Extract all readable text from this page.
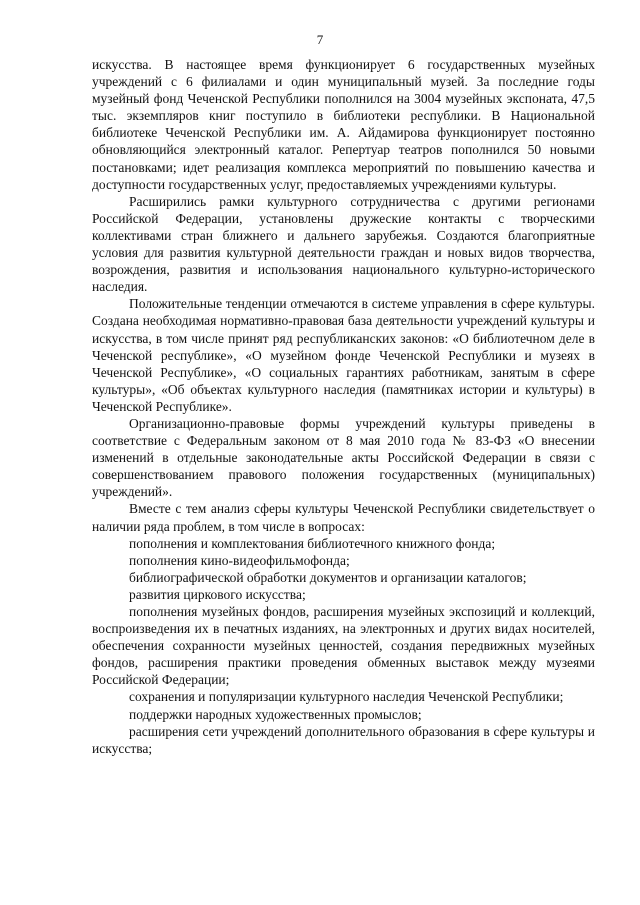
7

искусства. В настоящее время функционирует 6 государственных музейных учреждений с 6 филиалами и один муниципальный музей. За последние годы музейный фонд Чеченской Республики пополнился на 3004 музейных экспоната, 47,5 тыс. экземпляров книг поступило в библиотеки республики. В Национальной библиотеке Чеченской Республики им. А. Айдамирова функционирует постоянно обновляющийся электронный каталог. Репертуар театров пополнился 50 новыми постановками; идет реализация комплекса мероприятий по повышению качества и доступности государственных услуг, предоставляемых учреждениями культуры.

Расширились рамки культурного сотрудничества с другими регионами Российской Федерации, установлены дружеские контакты с творческими коллективами стран ближнего и дальнего зарубежья. Создаются благоприятные условия для развития культурной деятельности граждан и новых видов творчества, возрождения, развития и использования национального культурно-исторического наследия.

Положительные тенденции отмечаются в системе управления в сфере культуры. Создана необходимая нормативно-правовая база деятельности учреждений культуры и искусства, в том числе принят ряд республиканских законов: «О библиотечном деле в Чеченской республике», «О музейном фонде Чеченской Республики и музеях в Чеченской Республике», «О социальных гарантиях работникам, занятым в сфере культуры», «Об объектах культурного наследия (памятниках истории и культуры) в Чеченской Республике».

Организационно-правовые формы учреждений культуры приведены в соответствие с Федеральным законом от 8 мая 2010 года № 83-ФЗ «О внесении изменений в отдельные законодательные акты Российской Федерации в связи с совершенствованием правового положения государственных (муниципальных) учреждений».

Вместе с тем анализ сферы культуры Чеченской Республики свидетельствует о наличии ряда проблем, в том числе в вопросах:

пополнения и комплектования библиотечного книжного фонда;

пополнения кино-видеофильмофонда;

библиографической обработки документов и организации каталогов;

развития циркового искусства;

пополнения музейных фондов, расширения музейных экспозиций и коллекций, воспроизведения их в печатных изданиях, на электронных и других видах носителей, обеспечения сохранности музейных ценностей, создания передвижных музейных фондов, расширения практики проведения обменных выставок между музеями Российской Федерации;

сохранения и популяризации культурного наследия Чеченской Республики;

поддержки народных художественных промыслов;

расширения сети учреждений дополнительного образования в сфере культуры и искусства;
